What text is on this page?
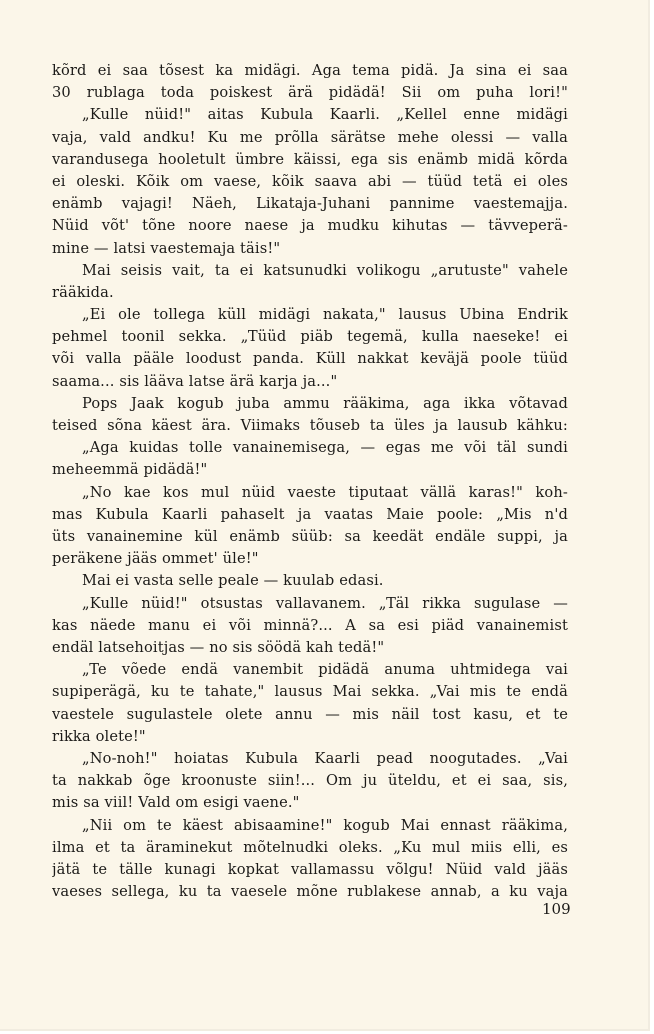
kõrd ei saa tõsest ka midägi. Aga tema pidä. Ja sina ei saa
30 rublaga toda poiskest ärä pidädä! Sii om puha lori!"
„Kulle nüid!" aitas Kubula Kaarli. „Kellel enne midägi
vaja, vald andku! Ku me prõlla särätse mehe olessi — valla
varandusega hooletult ümbre käissi, ega sis enämb midä kõrda
ei oleski. Kõik om vaese, kõik saava abi — tüüd tetä ei oles
enämb vajagi! Näeh, Likataja-Juhani pannime vaestemajja.
Nüid võt' tõne noore naese ja mudku kihutas — tävveperä-
mine — latsi vaestemaja täis!"
Mai seisis vait, ta ei katsunudki volikogu „arutuste" vahele
rääkida.
„Ei ole tollega küll midägi nakata," lausus Ubina Endrik
pehmel toonil sekka. „Tüüd piäb tegemä, kulla naeseke! ei
või valla pääle loodust panda. Küll nakkat keväjä poole tüüd
saama... sis lääva latse ärä karja ja..."
Pops Jaak kogub juba ammu rääkima, aga ikka võtavad
teised sõna käest ära. Viimaks tõuseb ta üles ja lausub kähku:
„Aga kuidas tolle vanainemisega, — egas me või täl sundi
meheemmä pidädä!"
„No kae kos mul nüid vaeste tiputaat vällä karas!" koh-
mas Kubula Kaarli pahaselt ja vaatas Maie poole: „Mis n'd
üts vanainemine kül enämb süüb: sa keedät endäle suppi, ja
peräkene jääs ommet' üle!"
Mai ei vasta selle peale — kuulab edasi.
„Kulle nüid!" otsustas vallavanem. „Täl rikka sugulase —
kas näede manu ei või minnä?... A sa esi piäd vanainemist
endäl latsehoitjas — no sis söödä kah tedä!"
„Te võede endä vanembit pidädä anuma uhtmidega vai
supiperägä, ku te tahate," lausus Mai sekka. „Vai mis te endä
vaestele sugulastele olete annu — mis näil tost kasu, et te
rikka olete!"
„No-noh!" hoiatas Kubula Kaarli pead noogutades. „Vai
ta nakkab õge kroonuste siin!... Om ju üteldu, et ei saa, sis,
mis sa viil! Vald om esigi vaene."
„Nii om te käest abisaamine!" kogub Mai ennast rääkima,
ilma et ta äraminekut mõtelnudki oleks. „Ku mul miis elli, es
jätä te tälle kunagi kopkat vallamassu võlgu! Nüid vald jääs
vaeses sellega, ku ta vaesele mõne rublakese annab, a ku vaja
109
